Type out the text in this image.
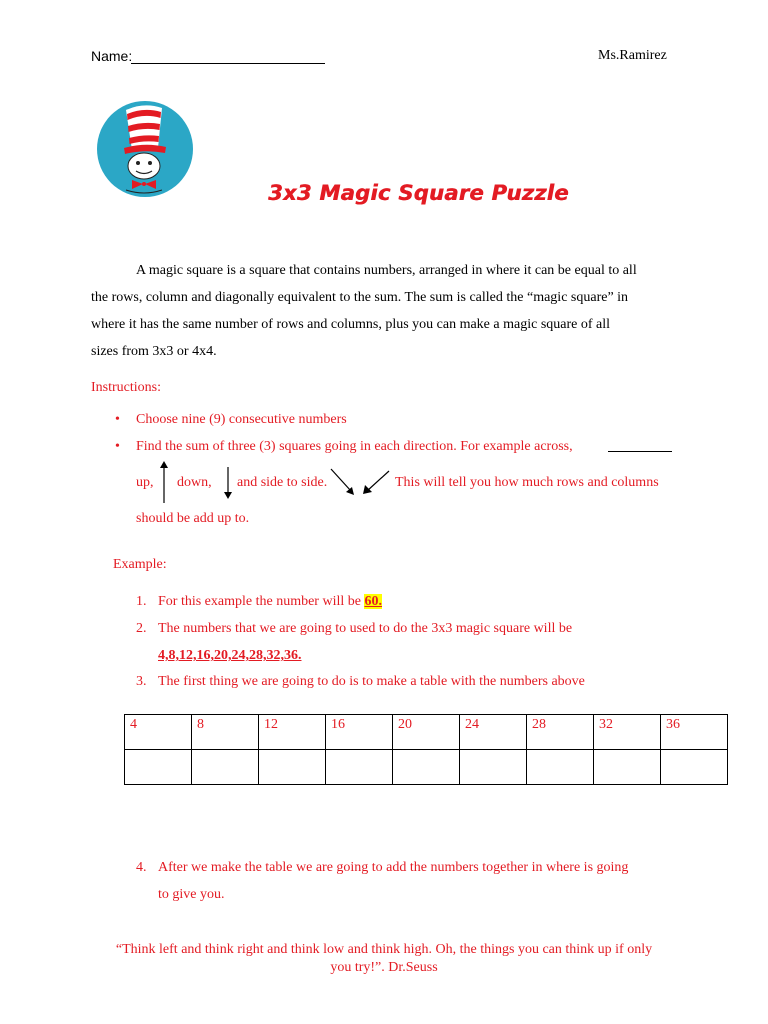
Name:	Ms.Ramirez
3x3 Magic Square Puzzle
A magic square is a square that contains numbers, arranged in where it can be equal to all
the rows, column and diagonally equivalent to the sum. The sum is called the “magic square” in
where it has the same number of rows and columns, plus you can make a magic square of all
sizes from 3x3 or 4x4.
Instructions:
• Choose nine (9) consecutive numbers
• Find the sum of three (3) squares going in each direction. For example across,
up, down, and side to side.	This will tell you how much rows and columns
should be add up to.
Example:
1. For this example the number will be 60.
2. The numbers that we are going to used to do the 3x3 magic square will be
4,8,12,16,20,24,28,32,36.
3. The first thing we are going to do is to make a table with the numbers above
4	8	12	16	20	24	28	32	36

4. After we make the table we are going to add the numbers together in where is going
to give you.
“Think left and think right and think low and think high. Oh, the things you can think up if only
you try!”. Dr.Seuss
